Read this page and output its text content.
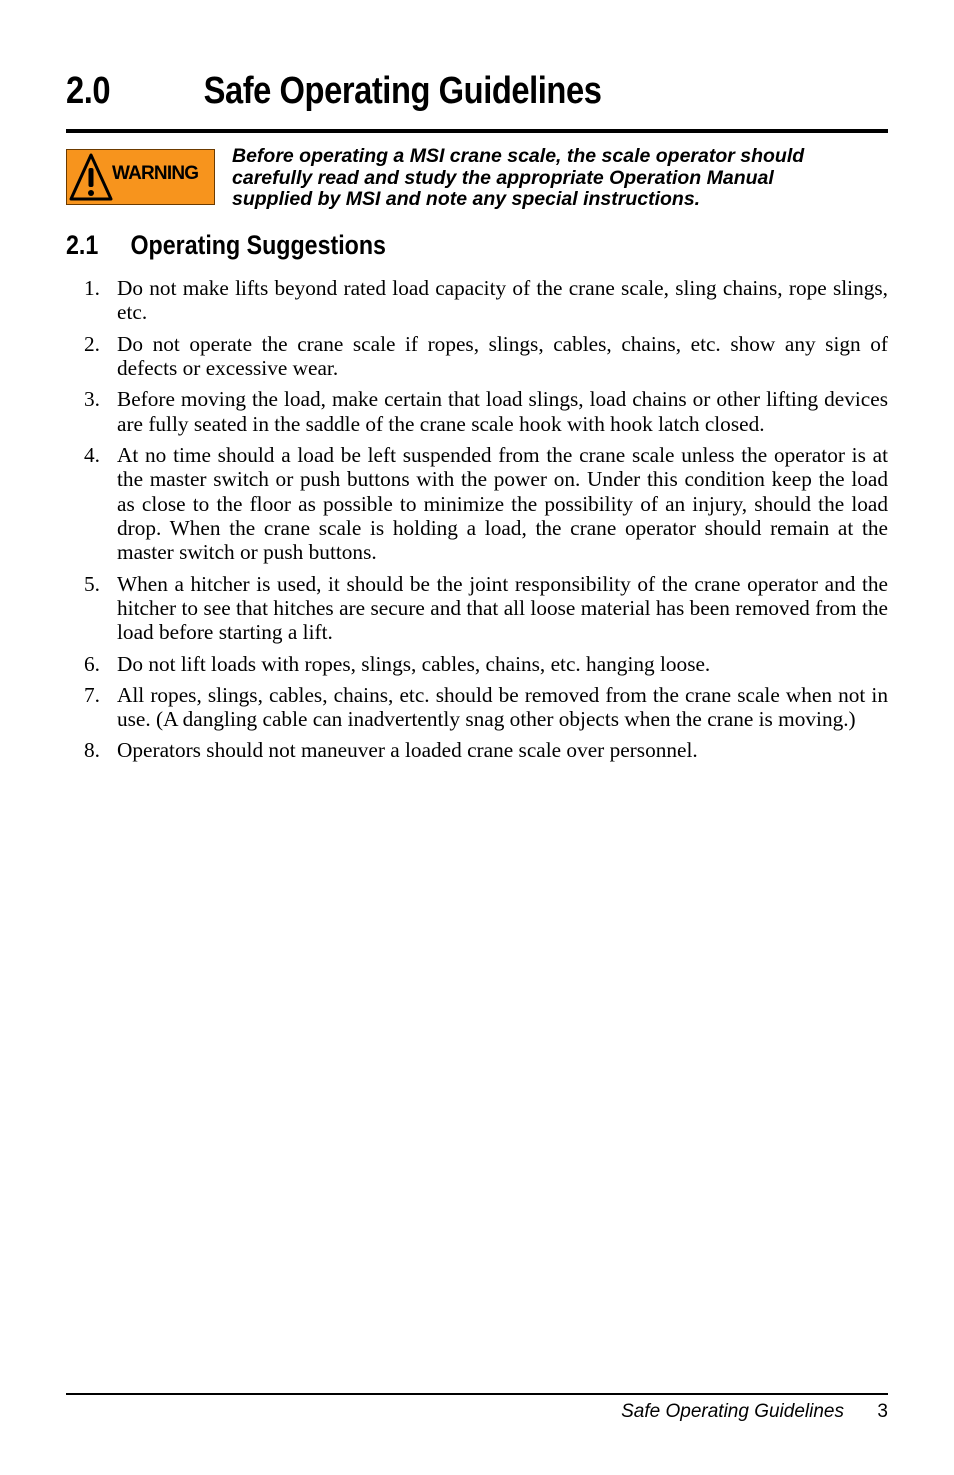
2.0 Safe Operating Guidelines
WARNING
Before operating a MSI crane scale, the scale operator should
carefully read and study the appropriate Operation Manual
supplied by MSI and note any special instructions.
2.1 Operating Suggestions
1. Do not make lifts beyond rated load capacity of the crane scale, sling chains, rope slings, etc.
2. Do not operate the crane scale if ropes, slings, cables, chains, etc. show any sign of defects or excessive wear.
3. Before moving the load, make certain that load slings, load chains or other lifting devices are fully seated in the saddle of the crane scale hook with hook latch closed.
4. At no time should a load be left suspended from the crane scale unless the operator is at the master switch or push buttons with the power on. Under this condition keep the load as close to the floor as possible to minimize the possibility of an injury, should the load drop. When the crane scale is holding a load, the crane operator should remain at the master switch or push buttons.
5. When a hitcher is used, it should be the joint responsibility of the crane operator and the hitcher to see that hitches are secure and that all loose material has been removed from the load before starting a lift.
6. Do not lift loads with ropes, slings, cables, chains, etc. hanging loose.
7. All ropes, slings, cables, chains, etc. should be removed from the crane scale when not in use. (A dangling cable can inadvertently snag other objects when the crane is moving.)
8. Operators should not maneuver a loaded crane scale over personnel.
Safe Operating Guidelines 3
